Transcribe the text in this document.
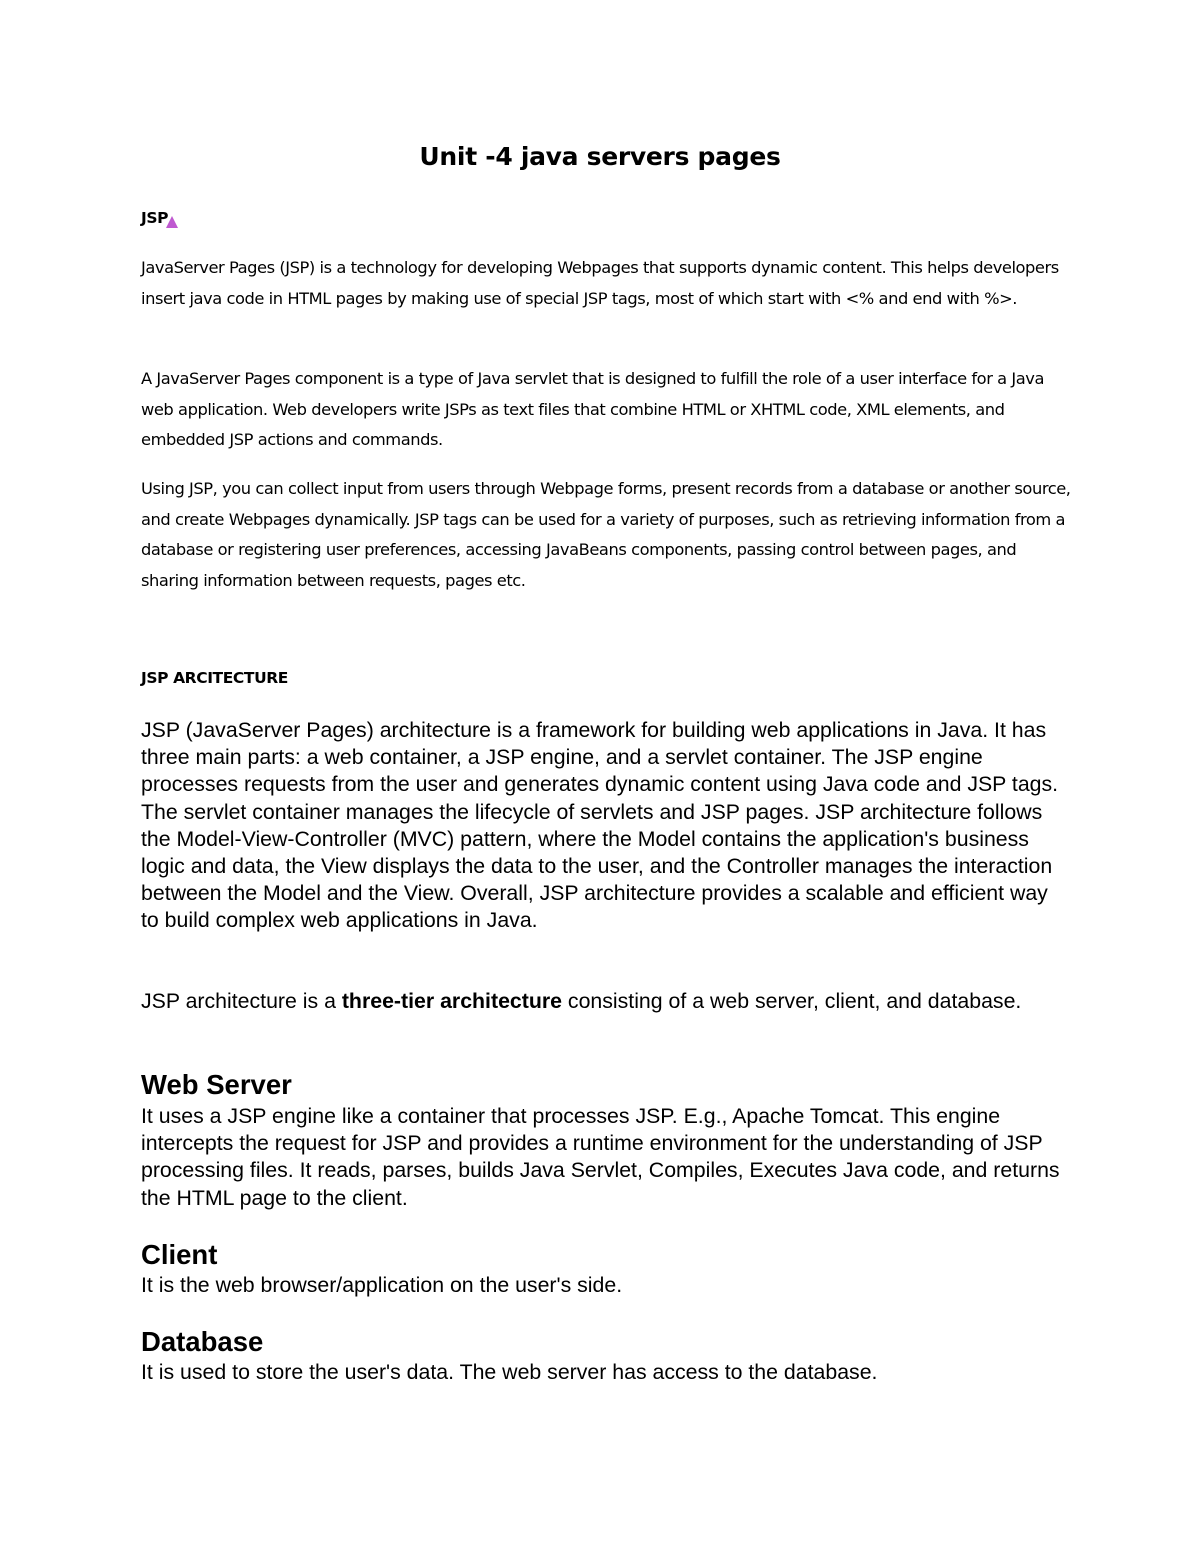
Unit -4 java servers pages
JSP

JavaServer Pages (JSP) is a technology for developing Webpages that supports dynamic content. This helps developers insert java code in HTML pages by making use of special JSP tags, most of which start with <% and end with %>.

A JavaServer Pages component is a type of Java servlet that is designed to fulfill the role of a user interface for a Java web application. Web developers write JSPs as text files that combine HTML or XHTML code, XML elements, and embedded JSP actions and commands.

Using JSP, you can collect input from users through Webpage forms, present records from a database or another source, and create Webpages dynamically. JSP tags can be used for a variety of purposes, such as retrieving information from a database or registering user preferences, accessing JavaBeans components, passing control between pages, and sharing information between requests, pages etc.

JSP ARCITECTURE

JSP (JavaServer Pages) architecture is a framework for building web applications in Java. It has three main parts: a web container, a JSP engine, and a servlet container. The JSP engine processes requests from the user and generates dynamic content using Java code and JSP tags. The servlet container manages the lifecycle of servlets and JSP pages. JSP architecture follows the Model-View-Controller (MVC) pattern, where the Model contains the application's business logic and data, the View displays the data to the user, and the Controller manages the interaction between the Model and the View. Overall, JSP architecture provides a scalable and efficient way to build complex web applications in Java.

JSP architecture is a three-tier architecture consisting of a web server, client, and database.

Web Server

It uses a JSP engine like a container that processes JSP. E.g., Apache Tomcat. This engine intercepts the request for JSP and provides a runtime environment for the understanding of JSP processing files. It reads, parses, builds Java Servlet, Compiles, Executes Java code, and returns the HTML page to the client.

Client

It is the web browser/application on the user's side.

Database

It is used to store the user's data. The web server has access to the database.
